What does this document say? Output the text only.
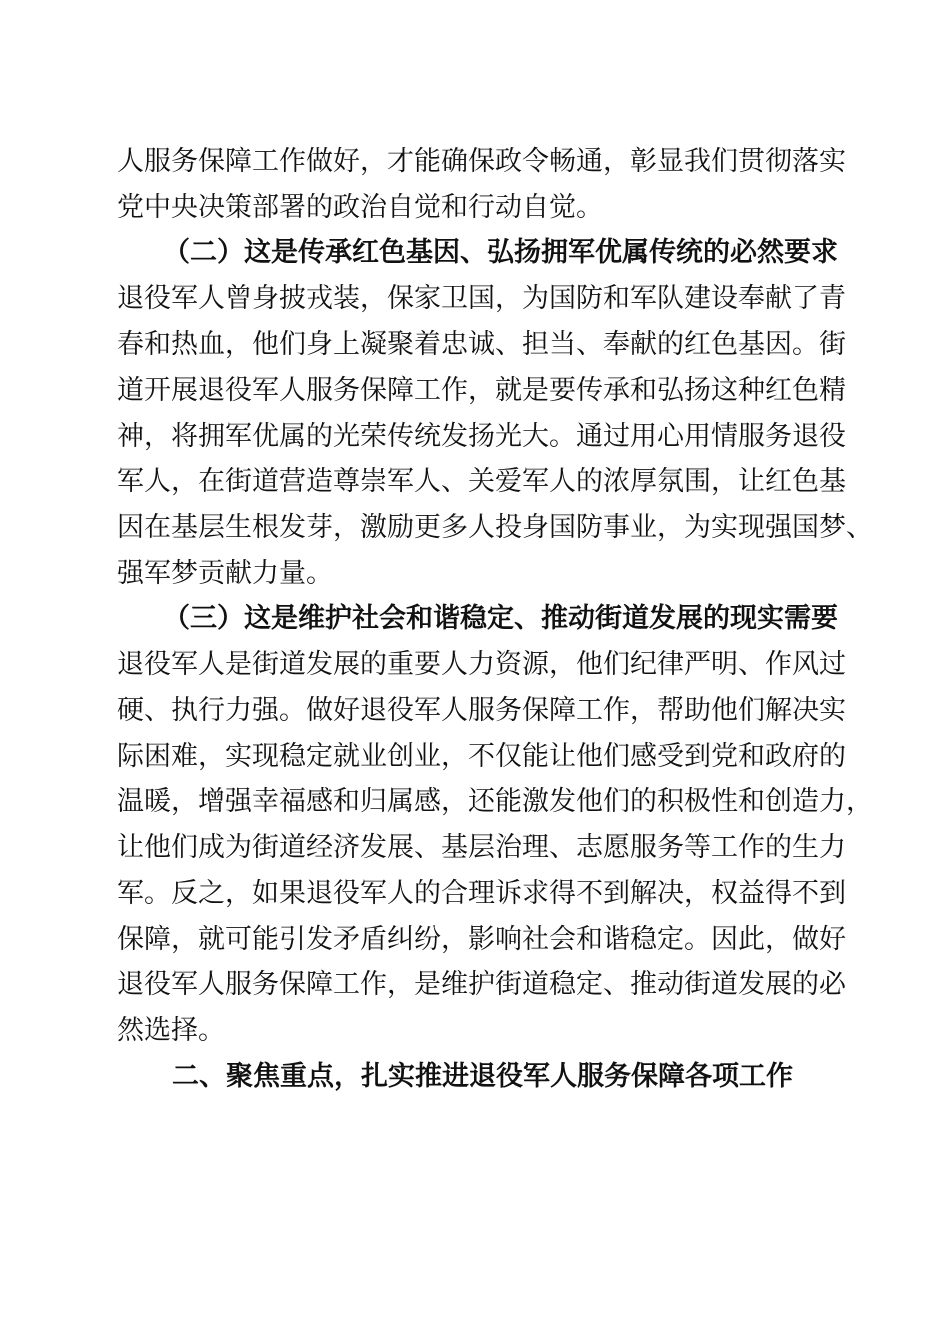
人服务保障工作做好，才能确保政令畅通，彰显我们贯彻落实
党中央决策部署的政治自觉和行动自觉。
（二）这是传承红色基因、弘扬拥军优属传统的必然要求
退役军人曾身披戎装，保家卫国，为国防和军队建设奉献了青
春和热血，他们身上凝聚着忠诚、担当、奉献的红色基因。街
道开展退役军人服务保障工作，就是要传承和弘扬这种红色精
神，将拥军优属的光荣传统发扬光大。通过用心用情服务退役
军人，在街道营造尊崇军人、关爱军人的浓厚氛围，让红色基
因在基层生根发芽，激励更多人投身国防事业，为实现强国梦、
强军梦贡献力量。
（三）这是维护社会和谐稳定、推动街道发展的现实需要
退役军人是街道发展的重要人力资源，他们纪律严明、作风过
硬、执行力强。做好退役军人服务保障工作，帮助他们解决实
际困难，实现稳定就业创业，不仅能让他们感受到党和政府的
温暖，增强幸福感和归属感，还能激发他们的积极性和创造力，
让他们成为街道经济发展、基层治理、志愿服务等工作的生力
军。反之，如果退役军人的合理诉求得不到解决，权益得不到
保障，就可能引发矛盾纠纷，影响社会和谐稳定。因此，做好
退役军人服务保障工作，是维护街道稳定、推动街道发展的必
然选择。
二、聚焦重点，扎实推进退役军人服务保障各项工作
